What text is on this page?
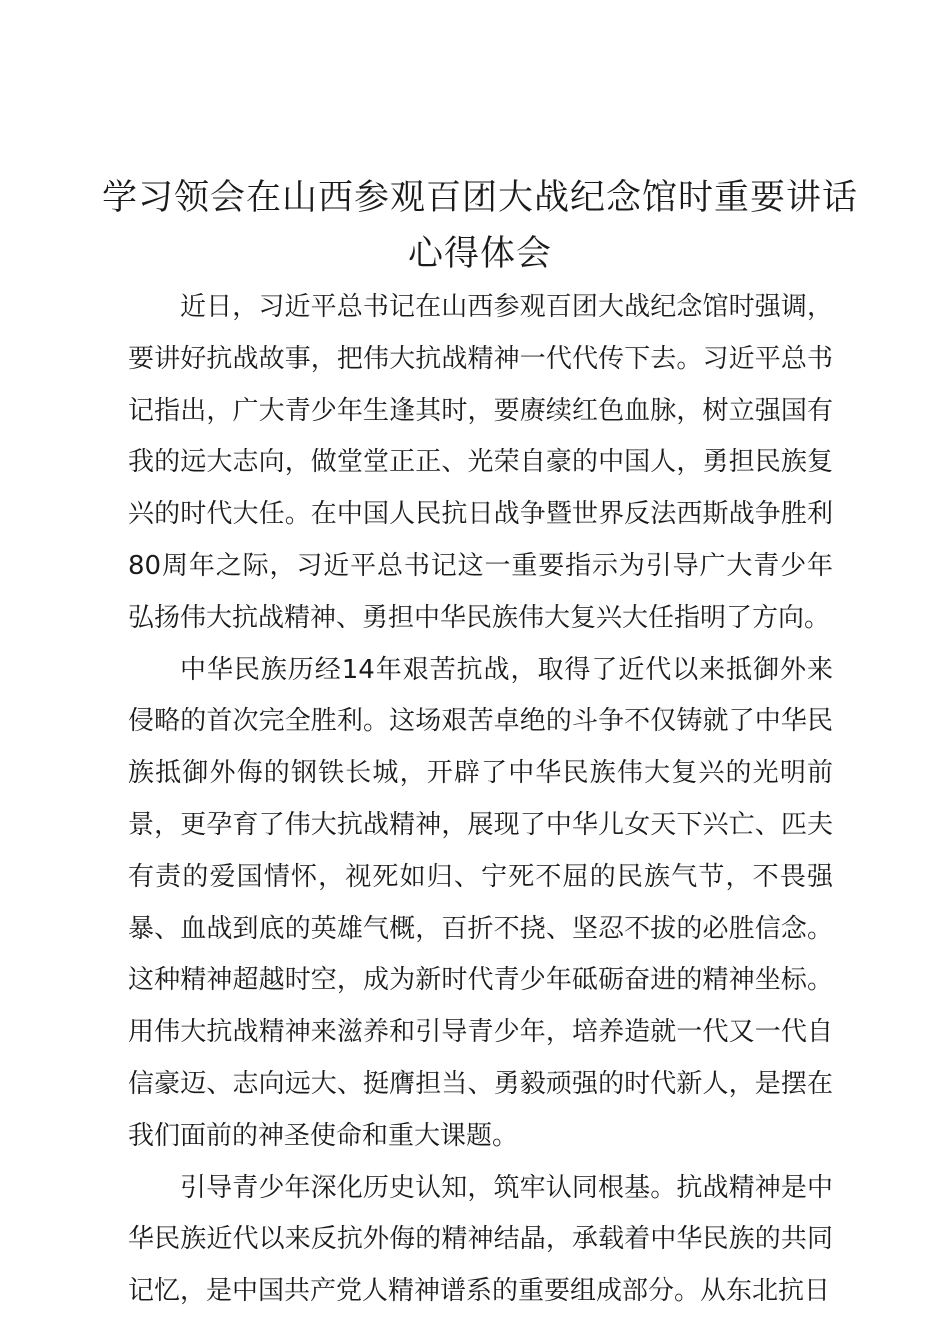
学习领会在山西参观百团大战纪念馆时重要讲话心得体会

近日，习近平总书记在山西参观百团大战纪念馆时强调，要讲好抗战故事，把伟大抗战精神一代代传下去。习近平总书记指出，广大青少年生逢其时，要赓续红色血脉，树立强国有我的远大志向，做堂堂正正、光荣自豪的中国人，勇担民族复兴的时代大任。在中国人民抗日战争暨世界反法西斯战争胜利80周年之际，习近平总书记这一重要指示为引导广大青少年弘扬伟大抗战精神、勇担中华民族伟大复兴大任指明了方向。

中华民族历经14年艰苦抗战，取得了近代以来抵御外来侵略的首次完全胜利。这场艰苦卓绝的斗争不仅铸就了中华民族抵御外侮的钢铁长城，开辟了中华民族伟大复兴的光明前景，更孕育了伟大抗战精神，展现了中华儿女天下兴亡、匹夫有责的爱国情怀，视死如归、宁死不屈的民族气节，不畏强暴、血战到底的英雄气概，百折不挠、坚忍不拔的必胜信念。这种精神超越时空，成为新时代青少年砥砺奋进的精神坐标。用伟大抗战精神来滋养和引导青少年，培养造就一代又一代自信豪迈、志向远大、挺膺担当、勇毅顽强的时代新人，是摆在我们面前的神圣使命和重大课题。

引导青少年深化历史认知，筑牢认同根基。抗战精神是中华民族近代以来反抗外侮的精神结晶，承载着中华民族的共同记忆，是中国共产党人精神谱系的重要组成部分。从东北抗日
